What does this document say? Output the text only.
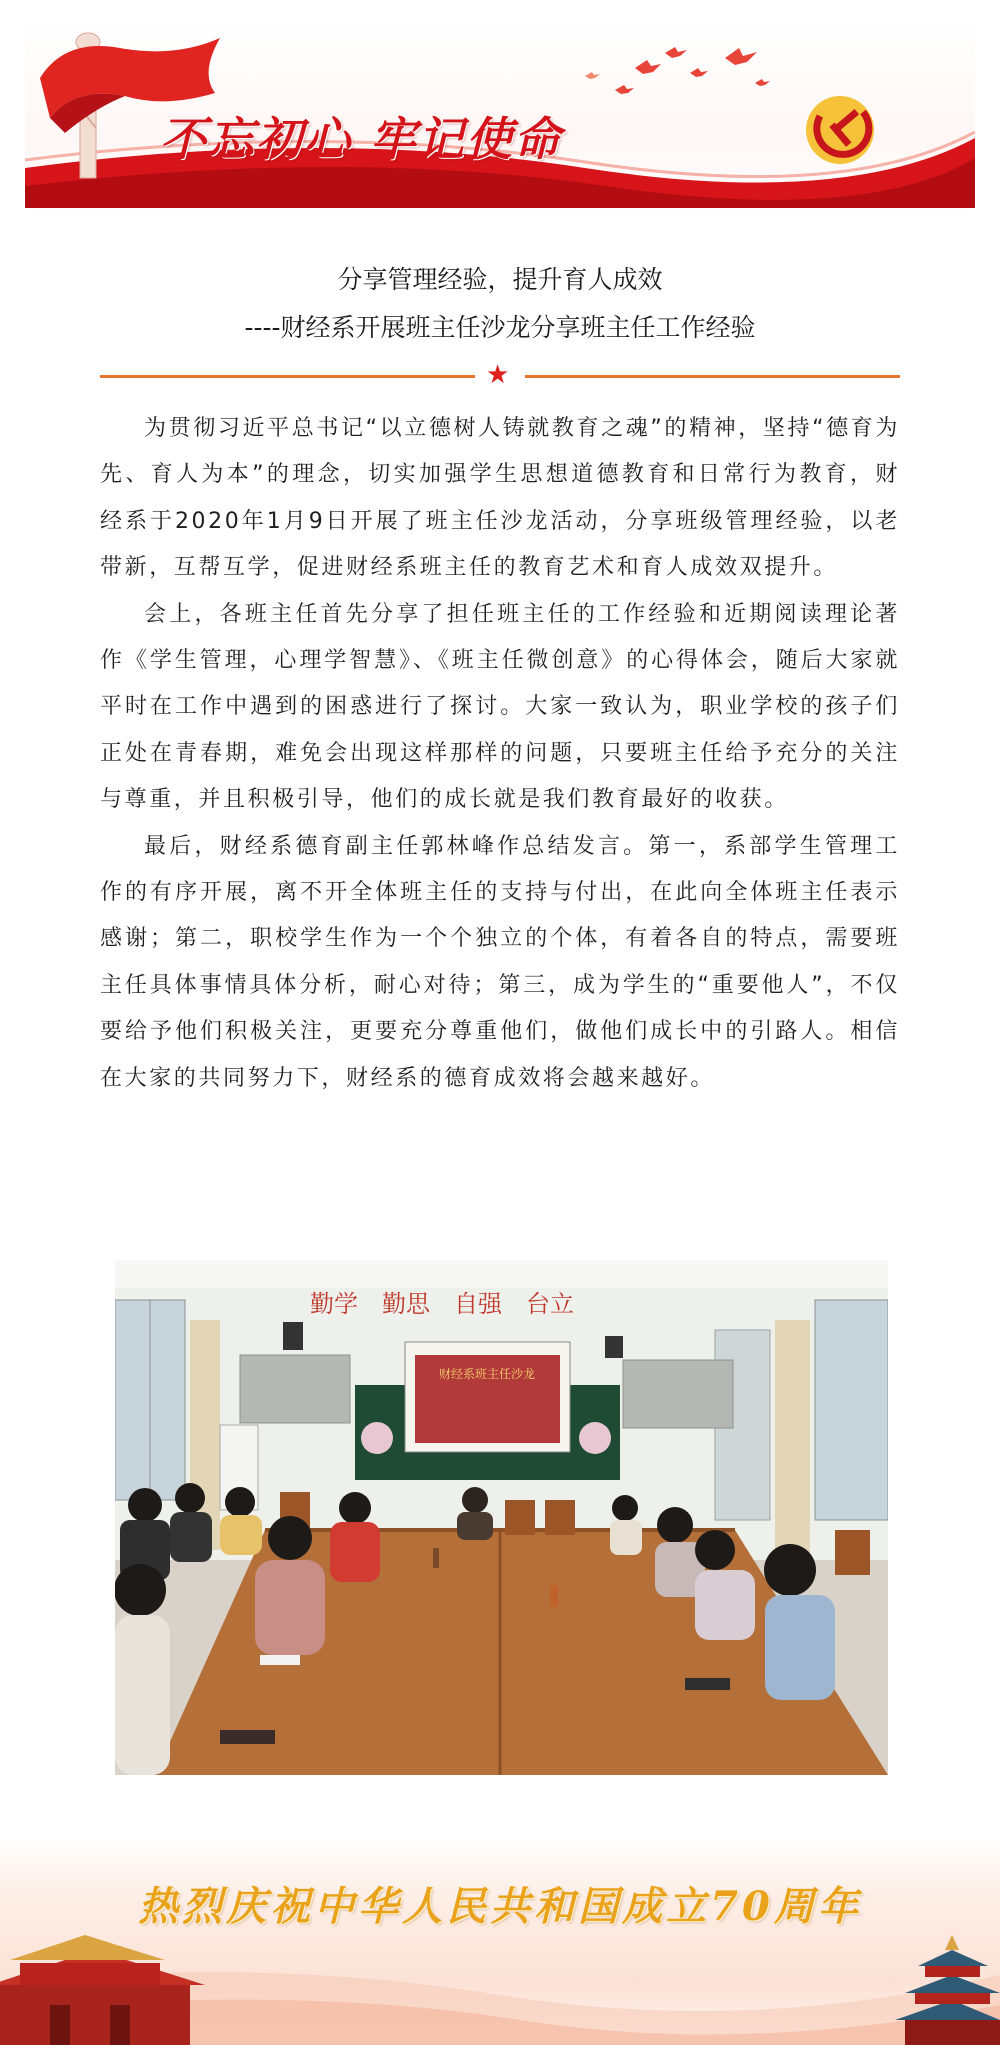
不忘初心 牢记使命
分享管理经验，提升育人成效
----财经系开展班主任沙龙分享班主任工作经验
★

为贯彻习近平总书记“以立德树人铸就教育之魂”的精神，坚持“德育为先、育人为本”的理念，切实加强学生思想道德教育和日常行为教育，财经系于2020年1月9日开展了班主任沙龙活动，分享班级管理经验，以老带新，互帮互学，促进财经系班主任的教育艺术和育人成效双提升。

会上，各班主任首先分享了担任班主任的工作经验和近期阅读理论著作《学生管理，心理学智慧》、《班主任微创意》的心得体会，随后大家就平时在工作中遇到的困惑进行了探讨。大家一致认为，职业学校的孩子们正处在青春期，难免会出现这样那样的问题，只要班主任给予充分的关注与尊重，并且积极引导，他们的成长就是我们教育最好的收获。

最后，财经系德育副主任郭林峰作总结发言。第一，系部学生管理工作的有序开展，离不开全体班主任的支持与付出，在此向全体班主任表示感谢；第二，职校学生作为一个个独立的个体，有着各自的特点，需要班主任具体事情具体分析，耐心对待；第三，成为学生的“重要他人”，不仅要给予他们积极关注，更要充分尊重他们，做他们成长中的引路人。相信在大家的共同努力下，财经系的德育成效将会越来越好。

勤学　勤思　自强　台立
财经系班主任沙龙
热烈庆祝中华人民共和国成立70周年
